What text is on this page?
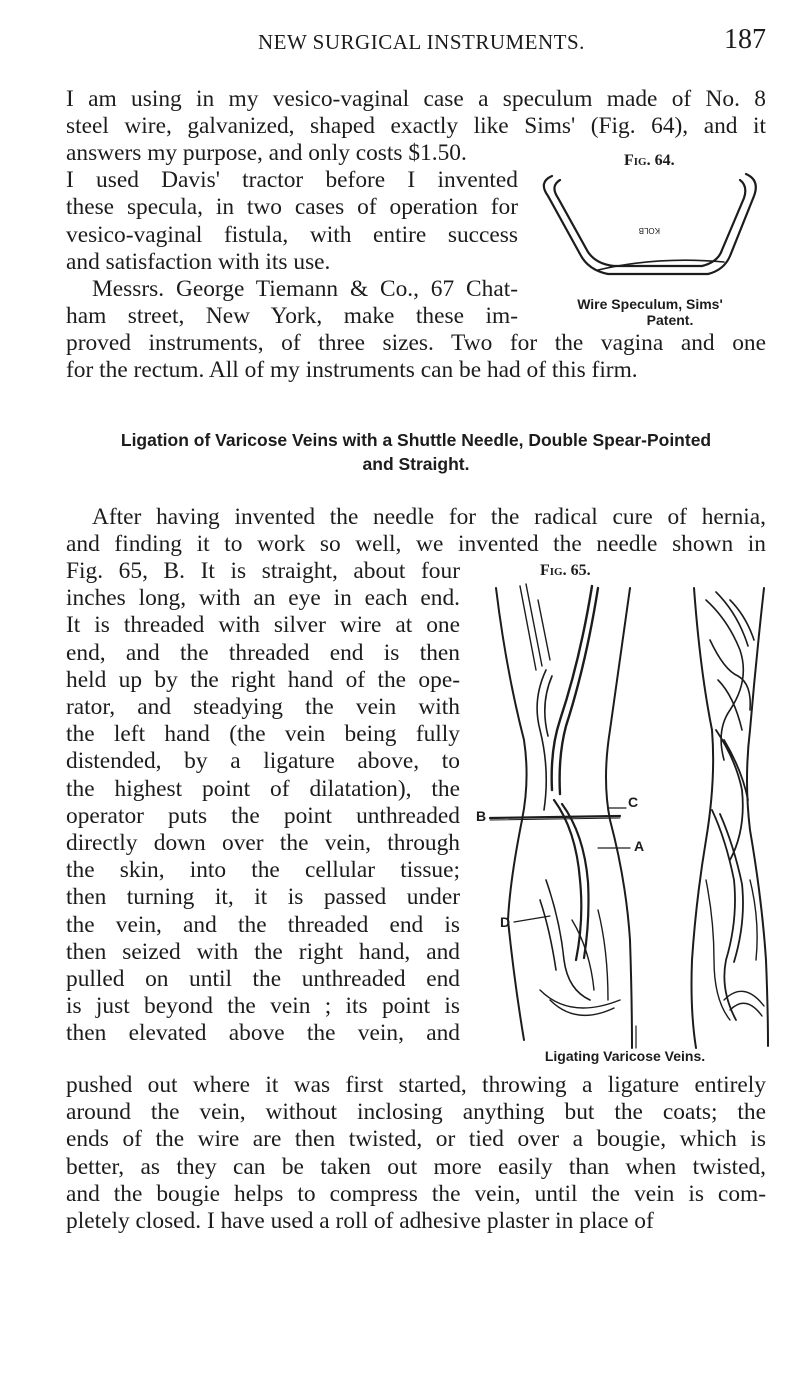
NEW SURGICAL INSTRUMENTS.	187
I am using in my vesico-vaginal case a speculum made of No. 8
steel wire, galvanized, shaped exactly like Sims' (Fig. 64), and it
answers my purpose, and only costs $1.50.
I used Davis' tractor before I invented
these specula, in two cases of operation for
vesico-vaginal fistula, with entire success
and satisfaction with its use.
Messrs. George Tiemann & Co., 67 Chat-
ham street, New York, make these im-
proved instruments, of three sizes. Two for the vagina and one
for the rectum. All of my instruments can be had of this firm.
Fig. 64.
KOLB
Wire Speculum, Sims'
Patent.
Ligation of Varicose Veins with a Shuttle Needle, Double Spear-Pointed
and Straight.
After having invented the needle for the radical cure of hernia,
and finding it to work so well, we invented the needle shown in
Fig. 65, B. It is straight, about four
inches long, with an eye in each end.
It is threaded with silver wire at one
end, and the threaded end is then
held up by the right hand of the ope-
rator, and steadying the vein with
the left hand (the vein being fully
distended, by a ligature above, to
the highest point of dilatation), the
operator puts the point unthreaded
directly down over the vein, through
the skin, into the cellular tissue;
then turning it, it is passed under
the vein, and the threaded end is
then seized with the right hand, and
pulled on until the unthreaded end
is just beyond the vein ; its point is
then elevated above the vein, and
pushed out where it was first started, throwing a ligature entirely
around the vein, without inclosing anything but the coats; the
ends of the wire are then twisted, or tied over a bougie, which is
better, as they can be taken out more easily than when twisted,
and the bougie helps to compress the vein, until the vein is com-
pletely closed. I have used a roll of adhesive plaster in place of
Fig. 65.
B
C
A
D
Ligating Varicose Veins.
